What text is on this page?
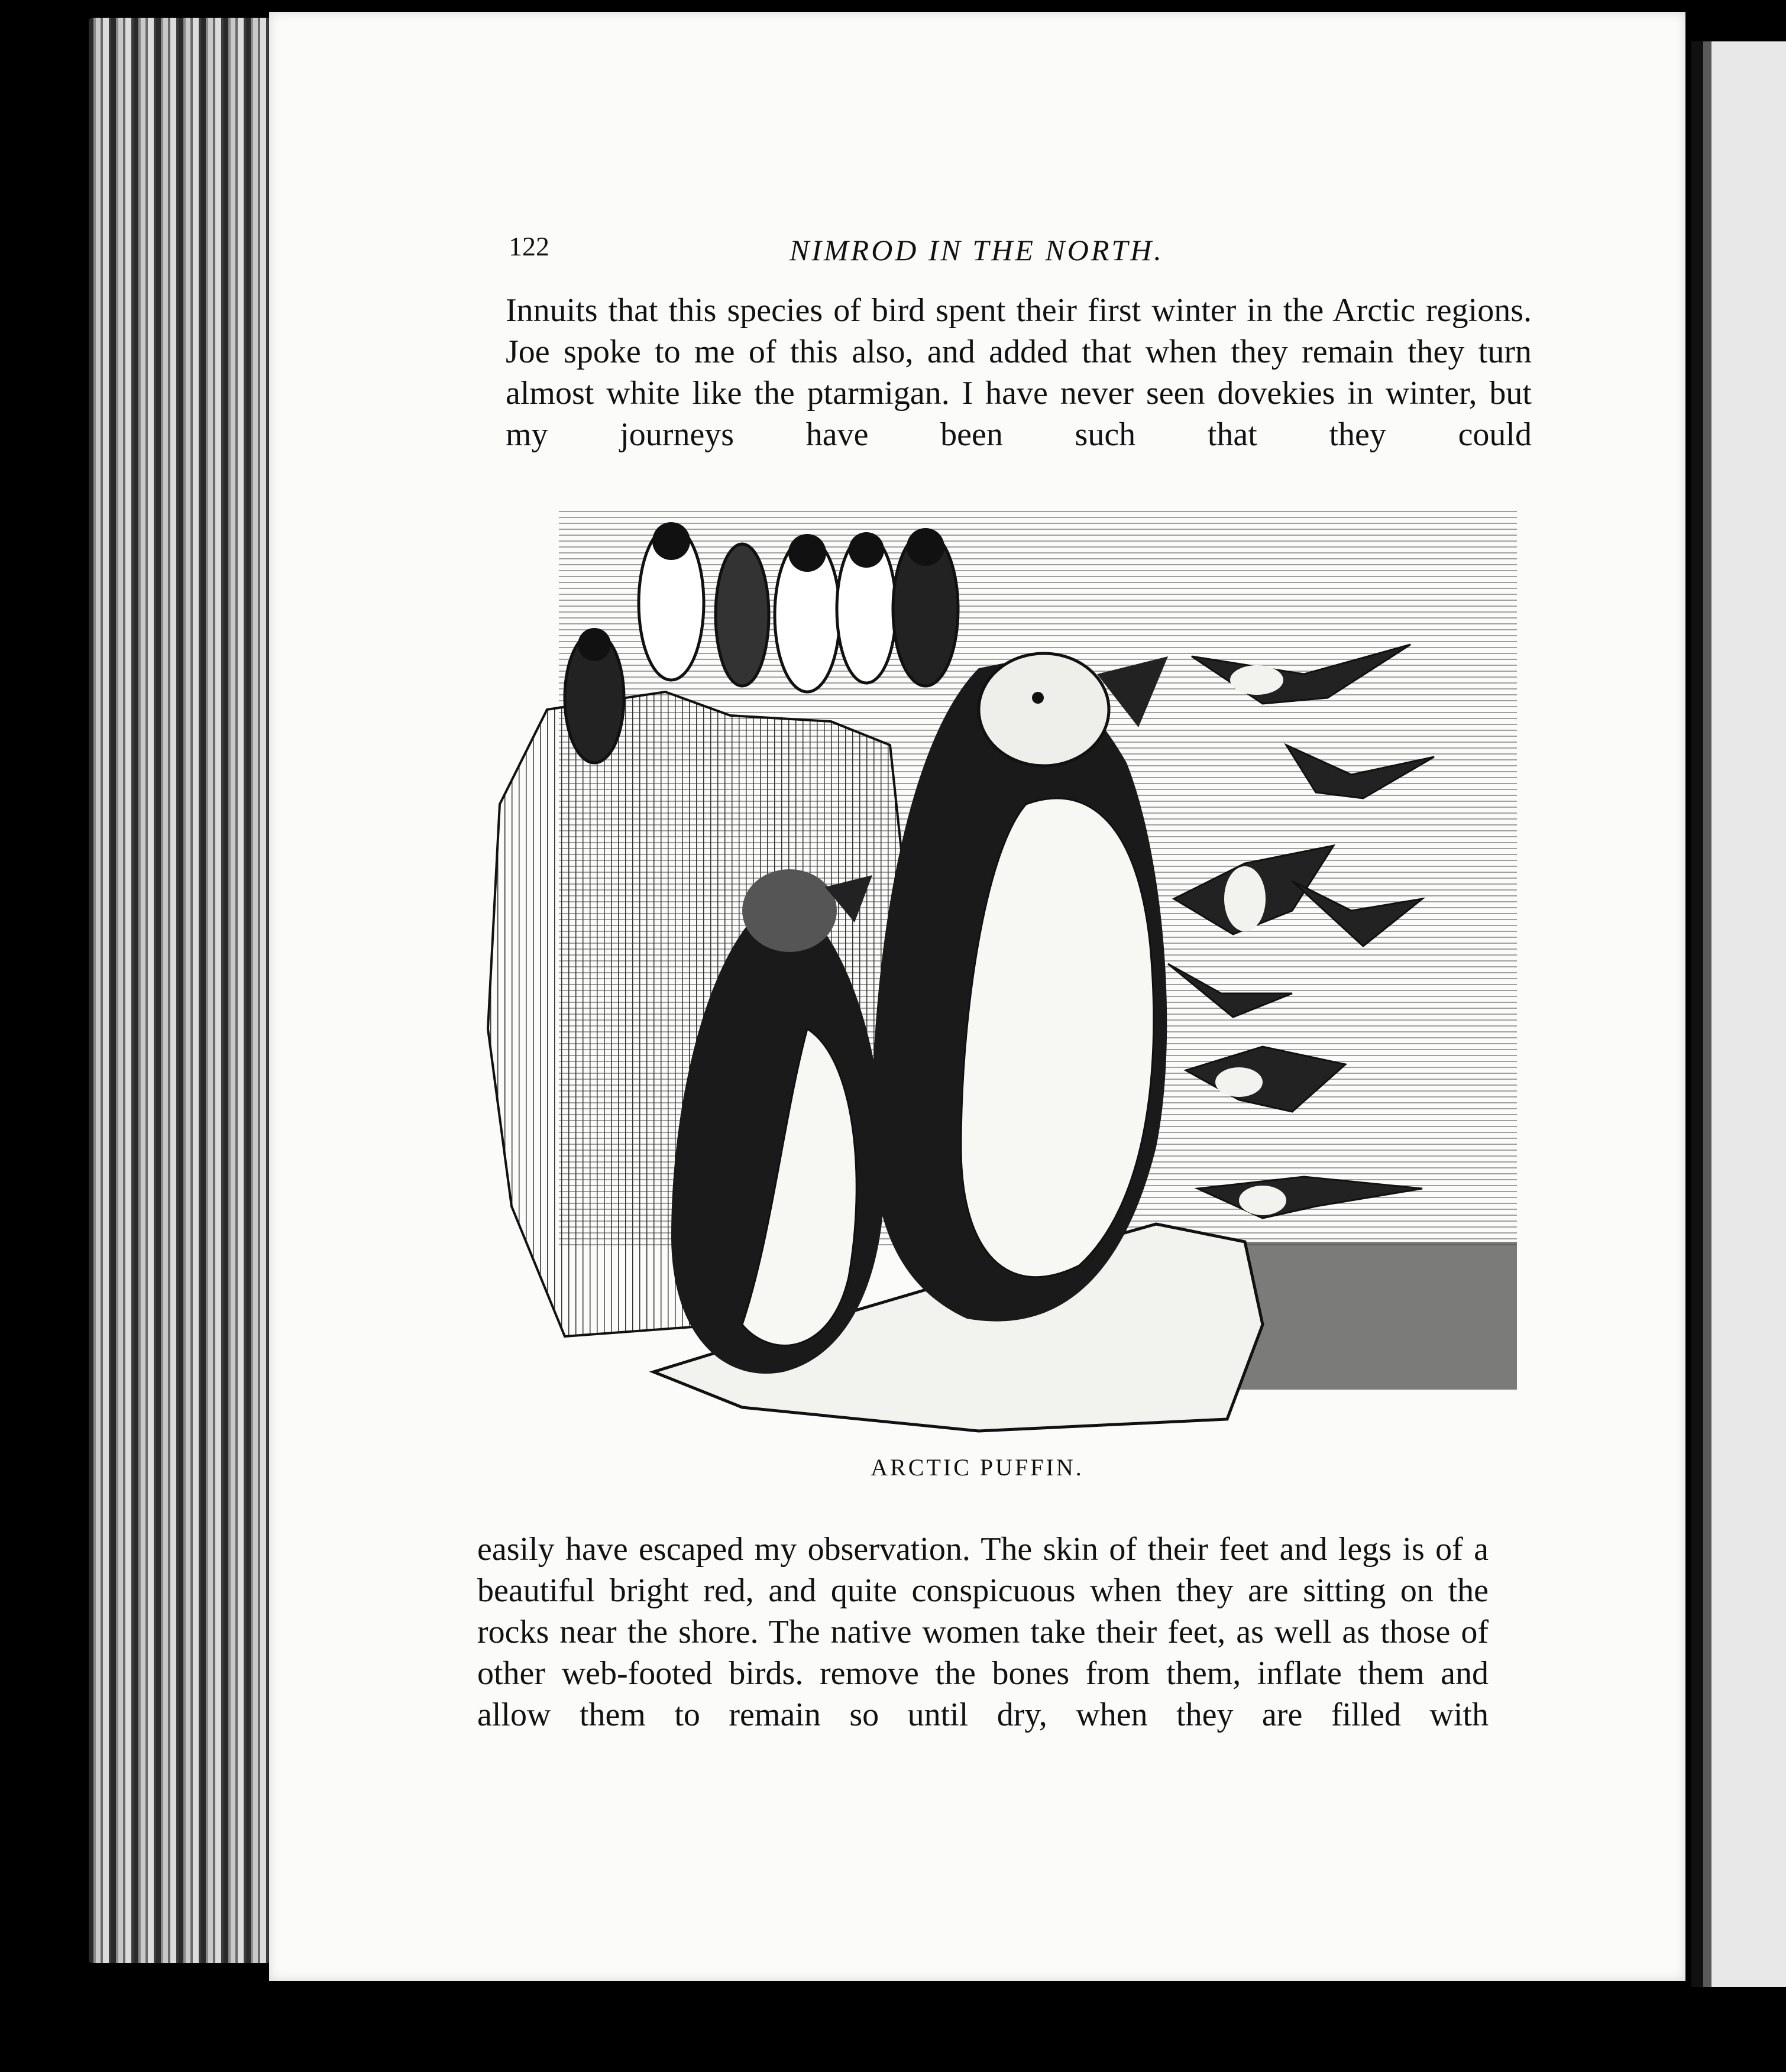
122	NIMROD IN THE NORTH.

Innuits that this species of bird spent their first winter in the Arctic regions. Joe spoke to me of this also, and added that when they remain they turn almost white like the ptarmigan. I have never seen dovekies in winter, but my journeys have been such that they could

ARCTIC PUFFIN.

easily have escaped my observation. The skin of their feet and legs is of a beautiful bright red, and quite conspicuous when they are sitting on the rocks near the shore. The native women take their feet, as well as those of other web-footed birds. remove the bones from them, inflate them and allow them to remain so until dry, when they are filled with
